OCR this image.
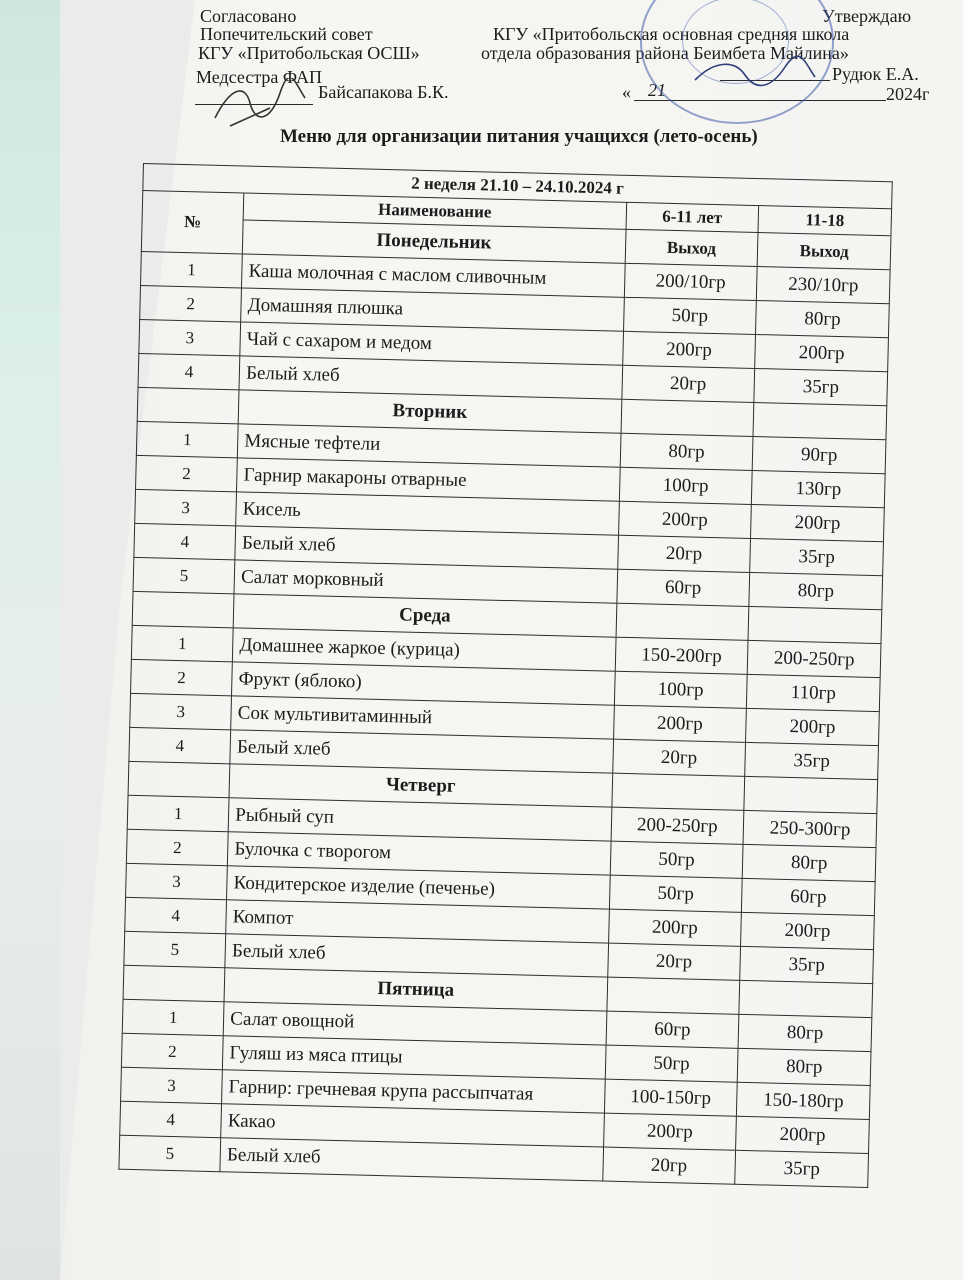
Согласовано
Попечительский совет
КГУ «Притобольская ОСШ»
Медсестра ФАП
Байсапакова Б.К.
Утверждаю
КГУ «Притобольская основная средняя школа
отдела образования района Беимбета Майлина»
Рудюк Е.А.
« 21	2024г
Меню для организации питания учащихся (лето-осень)
2 неделя 21.10 – 24.10.2024 г			
№	Наименование	6-11 лет	11-18
	Понедельник	Выход	Выход
1	Каша молочная с маслом сливочным	200/10гр	230/10гр
2	Домашняя плюшка	50гр	80гр
3	Чай с сахаром и медом	200гр	200гр
4	Белый хлеб	20гр	35гр
	Вторник		
1	Мясные тефтели	80гр	90гр
2	Гарнир макароны отварные	100гр	130гр
3	Кисель	200гр	200гр
4	Белый хлеб	20гр	35гр
5	Салат морковный	60гр	80гр
	Среда		
1	Домашнее жаркое (курица)	150-200гр	200-250гр
2	Фрукт (яблоко)	100гр	110гр
3	Сок мультивитаминный	200гр	200гр
4	Белый хлеб	20гр	35гр
	Четверг		
1	Рыбный суп	200-250гр	250-300гр
2	Булочка с творогом	50гр	80гр
3	Кондитерское изделие (печенье)	50гр	60гр
4	Компот	200гр	200гр
5	Белый хлеб	20гр	35гр
	Пятница		
1	Салат овощной	60гр	80гр
2	Гуляш из мяса птицы	50гр	80гр
3	Гарнир: гречневая крупа рассыпчатая	100-150гр	150-180гр
4	Какао	200гр	200гр
5	Белый хлеб	20гр	35гр
